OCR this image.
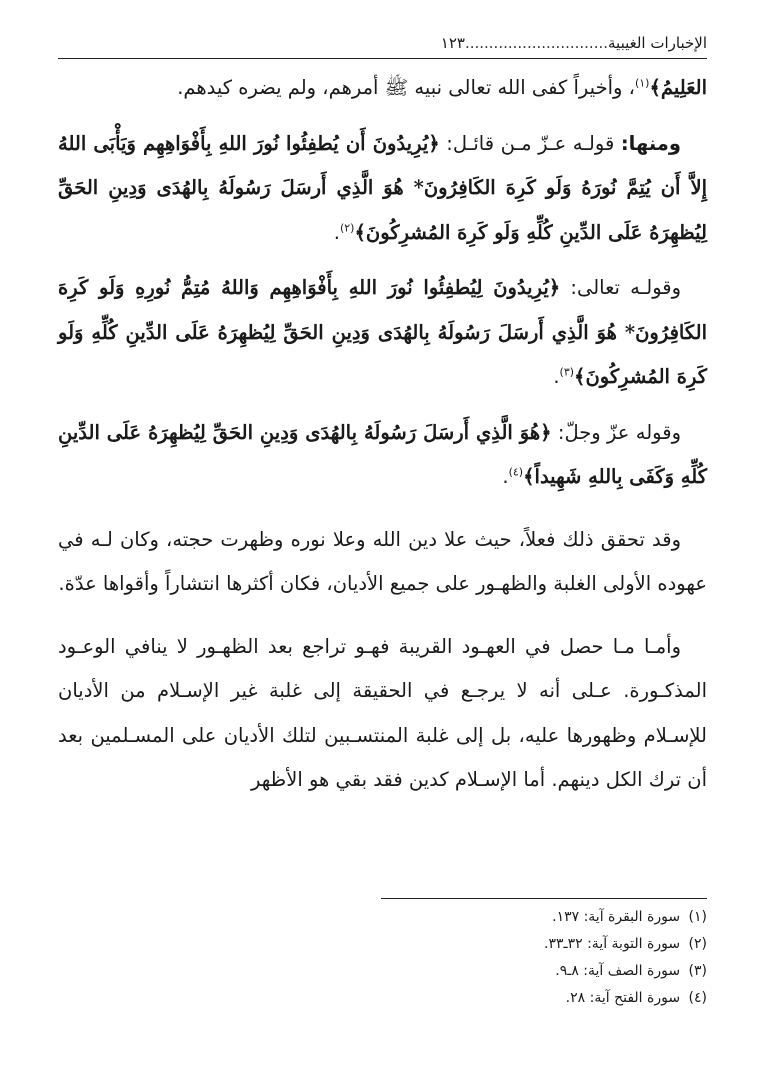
الإخبارات الغيبية..............................١٢٣

العَلِيمُ﴾$^{(١)}$، وأخيراً كفى الله تعالى نبيه ﷺ أمرهم، ولم يضره كيدهم.

ومنها: قولـه عـزّ مـن قائـل: ﴿يُرِيدُونَ أَن يُطفِئُوا نُورَ اللهِ بِأَفْوَاهِهِم وَيَأْبَى اللهُ إِلاَّ أَن يُتِمَّ نُورَهُ وَلَو كَرِهَ الكَافِرُونَ* هُوَ الَّذِي أَرسَلَ رَسُولَهُ بِالهُدَى وَدِينِ الحَقِّ لِيُظهِرَهُ عَلَى الدِّينِ كُلِّهِ وَلَو كَرِهَ المُشرِكُونَ﴾$^{(٢)}$.

وقولـه تعالى: ﴿يُرِيدُونَ لِيُطفِئُوا نُورَ اللهِ بِأَفْوَاهِهِم وَاللهُ مُتِمُّ نُورِهِ وَلَو كَرِهَ الكَافِرُونَ* هُوَ الَّذِي أَرسَلَ رَسُولَهُ بِالهُدَى وَدِينِ الحَقِّ لِيُظهِرَهُ عَلَى الدِّينِ كُلِّهِ وَلَو كَرِهَ المُشرِكُونَ﴾$^{(٣)}$.

وقوله عزّ وجلّ: ﴿هُوَ الَّذِي أَرسَلَ رَسُولَهُ بِالهُدَى وَدِينِ الحَقِّ لِيُظهِرَهُ عَلَى الدِّينِ كُلِّهِ وَكَفَى بِاللهِ شَهِيداً﴾$^{(٤)}$.

وقد تحقق ذلك فعلاً، حيث علا دين الله وعلا نوره وظهرت حجته، وكان لـه في عهوده الأولى الغلبة والظهـور على جميع الأديان، فكان أكثرها انتشاراً وأقواها عدّة.

وأمـا مـا حصل في العهـود القريبة فهـو تراجع بعد الظهـور لا ينافي الوعـود المذكـورة. عـلى أنه لا يرجـع في الحقيقة إلى غلبة غير الإسـلام من الأديان للإسـلام وظهورها عليه، بل إلى غلبة المنتسـبين لتلك الأديان على المسـلمين بعد أن ترك الكل دينهم. أما الإسـلام كدين فقد بقي هو الأظهر

(١) سورة البقرة آية: ١٣٧.

(٢) سورة التوبة آية: ٣٢ـ٣٣.

(٣) سورة الصف آية: ٨ـ٩.

(٤) سورة الفتح آية: ٢٨.
